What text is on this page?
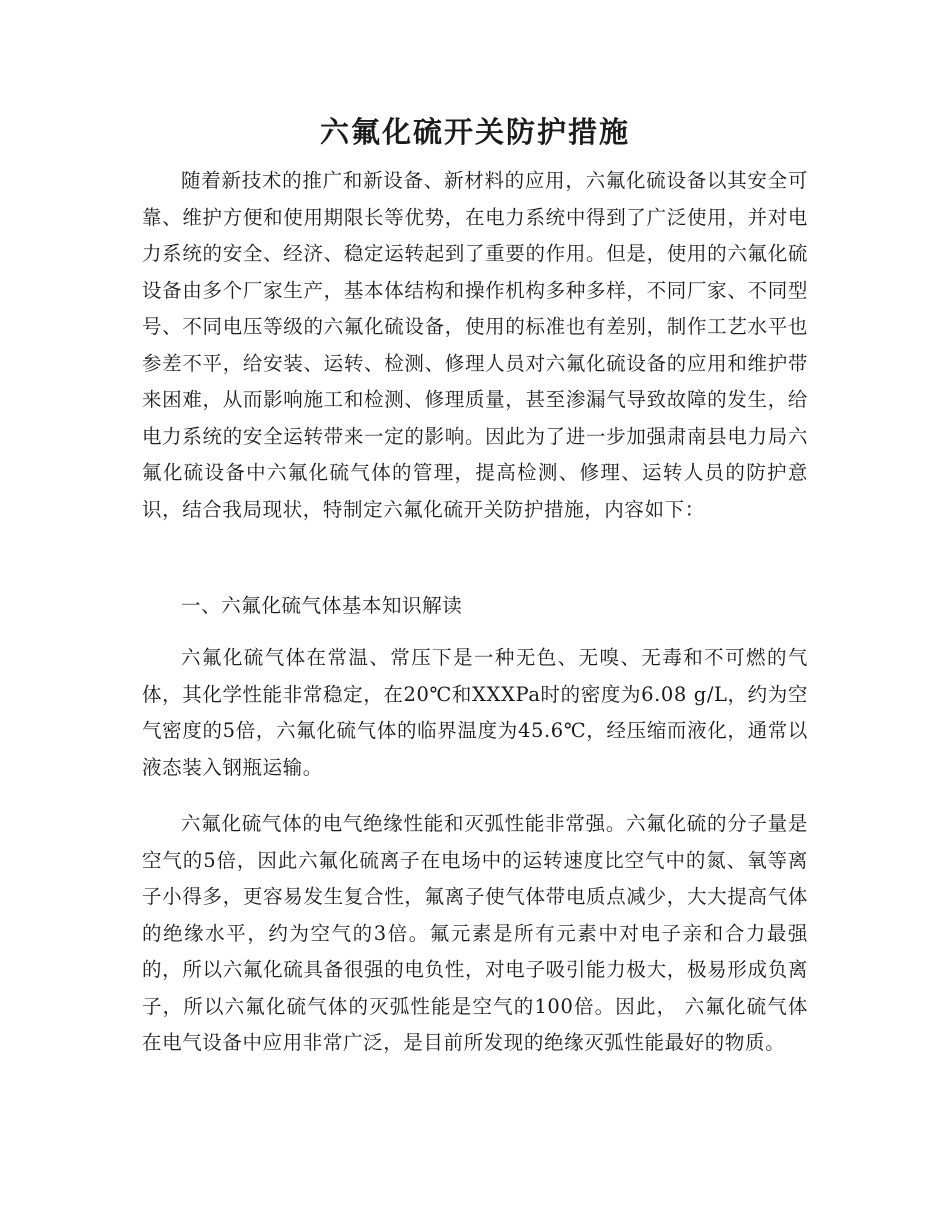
六氟化硫开关防护措施

随着新技术的推广和新设备、新材料的应用，六氟化硫设备以其安全可靠、维护方便和使用期限长等优势，在电力系统中得到了广泛使用，并对电力系统的安全、经济、稳定运转起到了重要的作用。但是，使用的六氟化硫设备由多个厂家生产，基本体结构和操作机构多种多样，不同厂家、不同型号、不同电压等级的六氟化硫设备，使用的标准也有差别，制作工艺水平也参差不平，给安装、运转、检测、修理人员对六氟化硫设备的应用和维护带来困难，从而影响施工和检测、修理质量，甚至渗漏气导致故障的发生，给电力系统的安全运转带来一定的影响。因此为了进一步加强肃南县电力局六氟化硫设备中六氟化硫气体的管理，提高检测、修理、运转人员的防护意识，结合我局现状，特制定六氟化硫开关防护措施，内容如下：

一、六氟化硫气体基本知识解读

六氟化硫气体在常温、常压下是一种无色、无嗅、无毒和不可燃的气体，其化学性能非常稳定，在20℃和XXXPa时的密度为6.08 g/L，约为空气密度的5倍，六氟化硫气体的临界温度为45.6℃，经压缩而液化，通常以液态装入钢瓶运输。

六氟化硫气体的电气绝缘性能和灭弧性能非常强。六氟化硫的分子量是空气的5倍，因此六氟化硫离子在电场中的运转速度比空气中的氮、氧等离子小得多，更容易发生复合性，氟离子使气体带电质点减少，大大提高气体的绝缘水平，约为空气的3倍。氟元素是所有元素中对电子亲和合力最强的，所以六氟化硫具备很强的电负性，对电子吸引能力极大，极易形成负离子，所以六氟化硫气体的灭弧性能是空气的100倍。因此， 六氟化硫气体在电气设备中应用非常广泛，是目前所发现的绝缘灭弧性能最好的物质。
